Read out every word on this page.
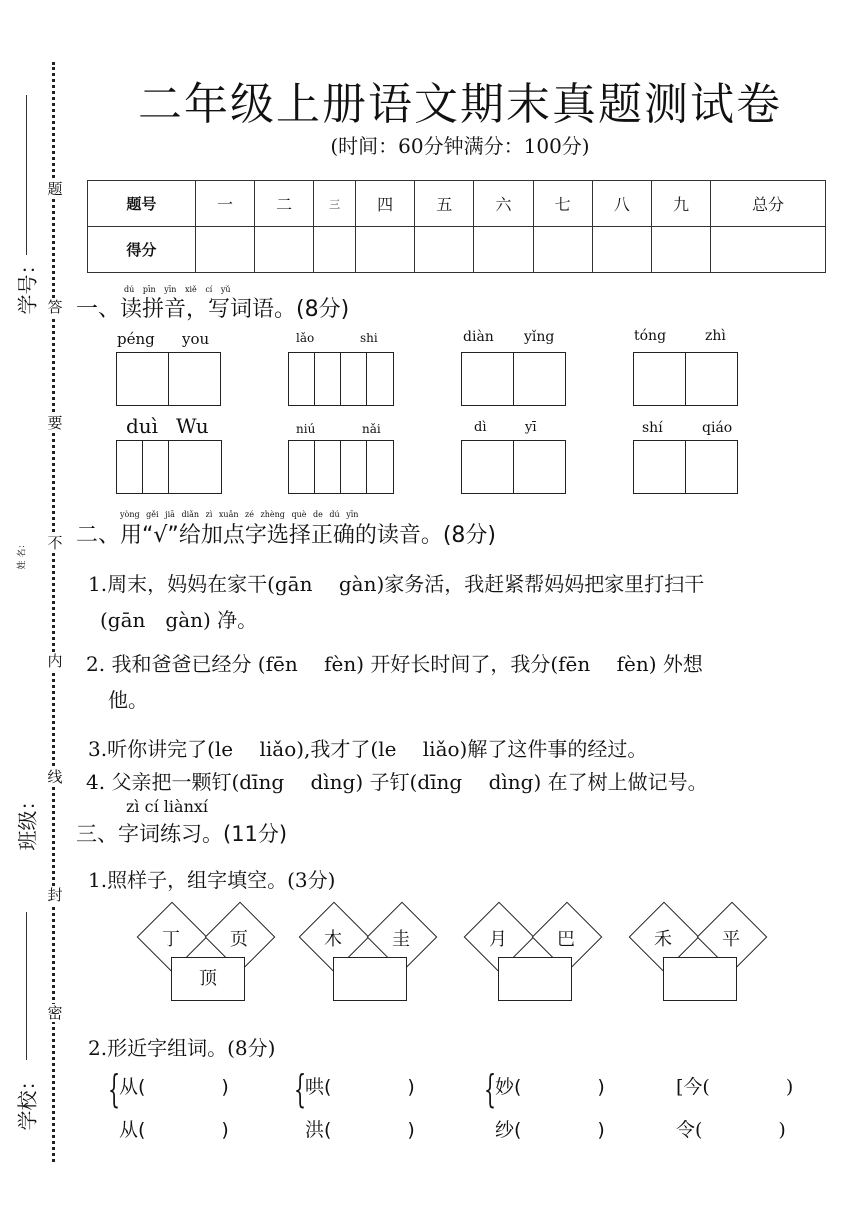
题
答
要
不
内
线
封
密
学号：
姓 名：
班级：
学校：
二年级上册语文期末真题测试卷
(时间：60分钟满分：100分)
题号	一	二	三	四	五	六	七	八	九	总分
得分										
dú pīn yīn xiě cí yǔ
一、读拼音，写词语。(8分)
péng you	lǎo	shi	diàn yǐng	tóng	zhì
duì Wu	niú	nǎi	dì	yī	shí	qiáo
yòng gěi jiā diǎn zì xuǎn zé zhèng què de dú yīn
二、用“√”给加点字选择正确的读音。(8分)
1.周末，妈妈在家干(gān　 gàn)家务活，我赶紧帮妈妈把家里打扫干
(gān　gàn) 净。
2. 我和爸爸已经分 (fēn　 fèn) 开好长时间了，我分(fēn　 fèn) 外想
他。
3.听你讲完了(le　 liǎo),我才了(le　 liǎo)解了这件事的经过。
4. 父亲把一颗钉(dīng　 dìng) 子钉(dīng　 dìng) 在了树上做记号。
zì cí liànxí
三、字词练习。(11分)
1.照样子，组字填空。(3分)
丁	页
顶
木	圭	月	巴	禾	平
2.形近字组词。(8分)
{
从(　　　　)
从(　　　　)
{
哄(　　　　)
洪(　　　　)
{
妙(　　　　)
纱(　　　　)
[今(　　　　)
令(　　　　)
